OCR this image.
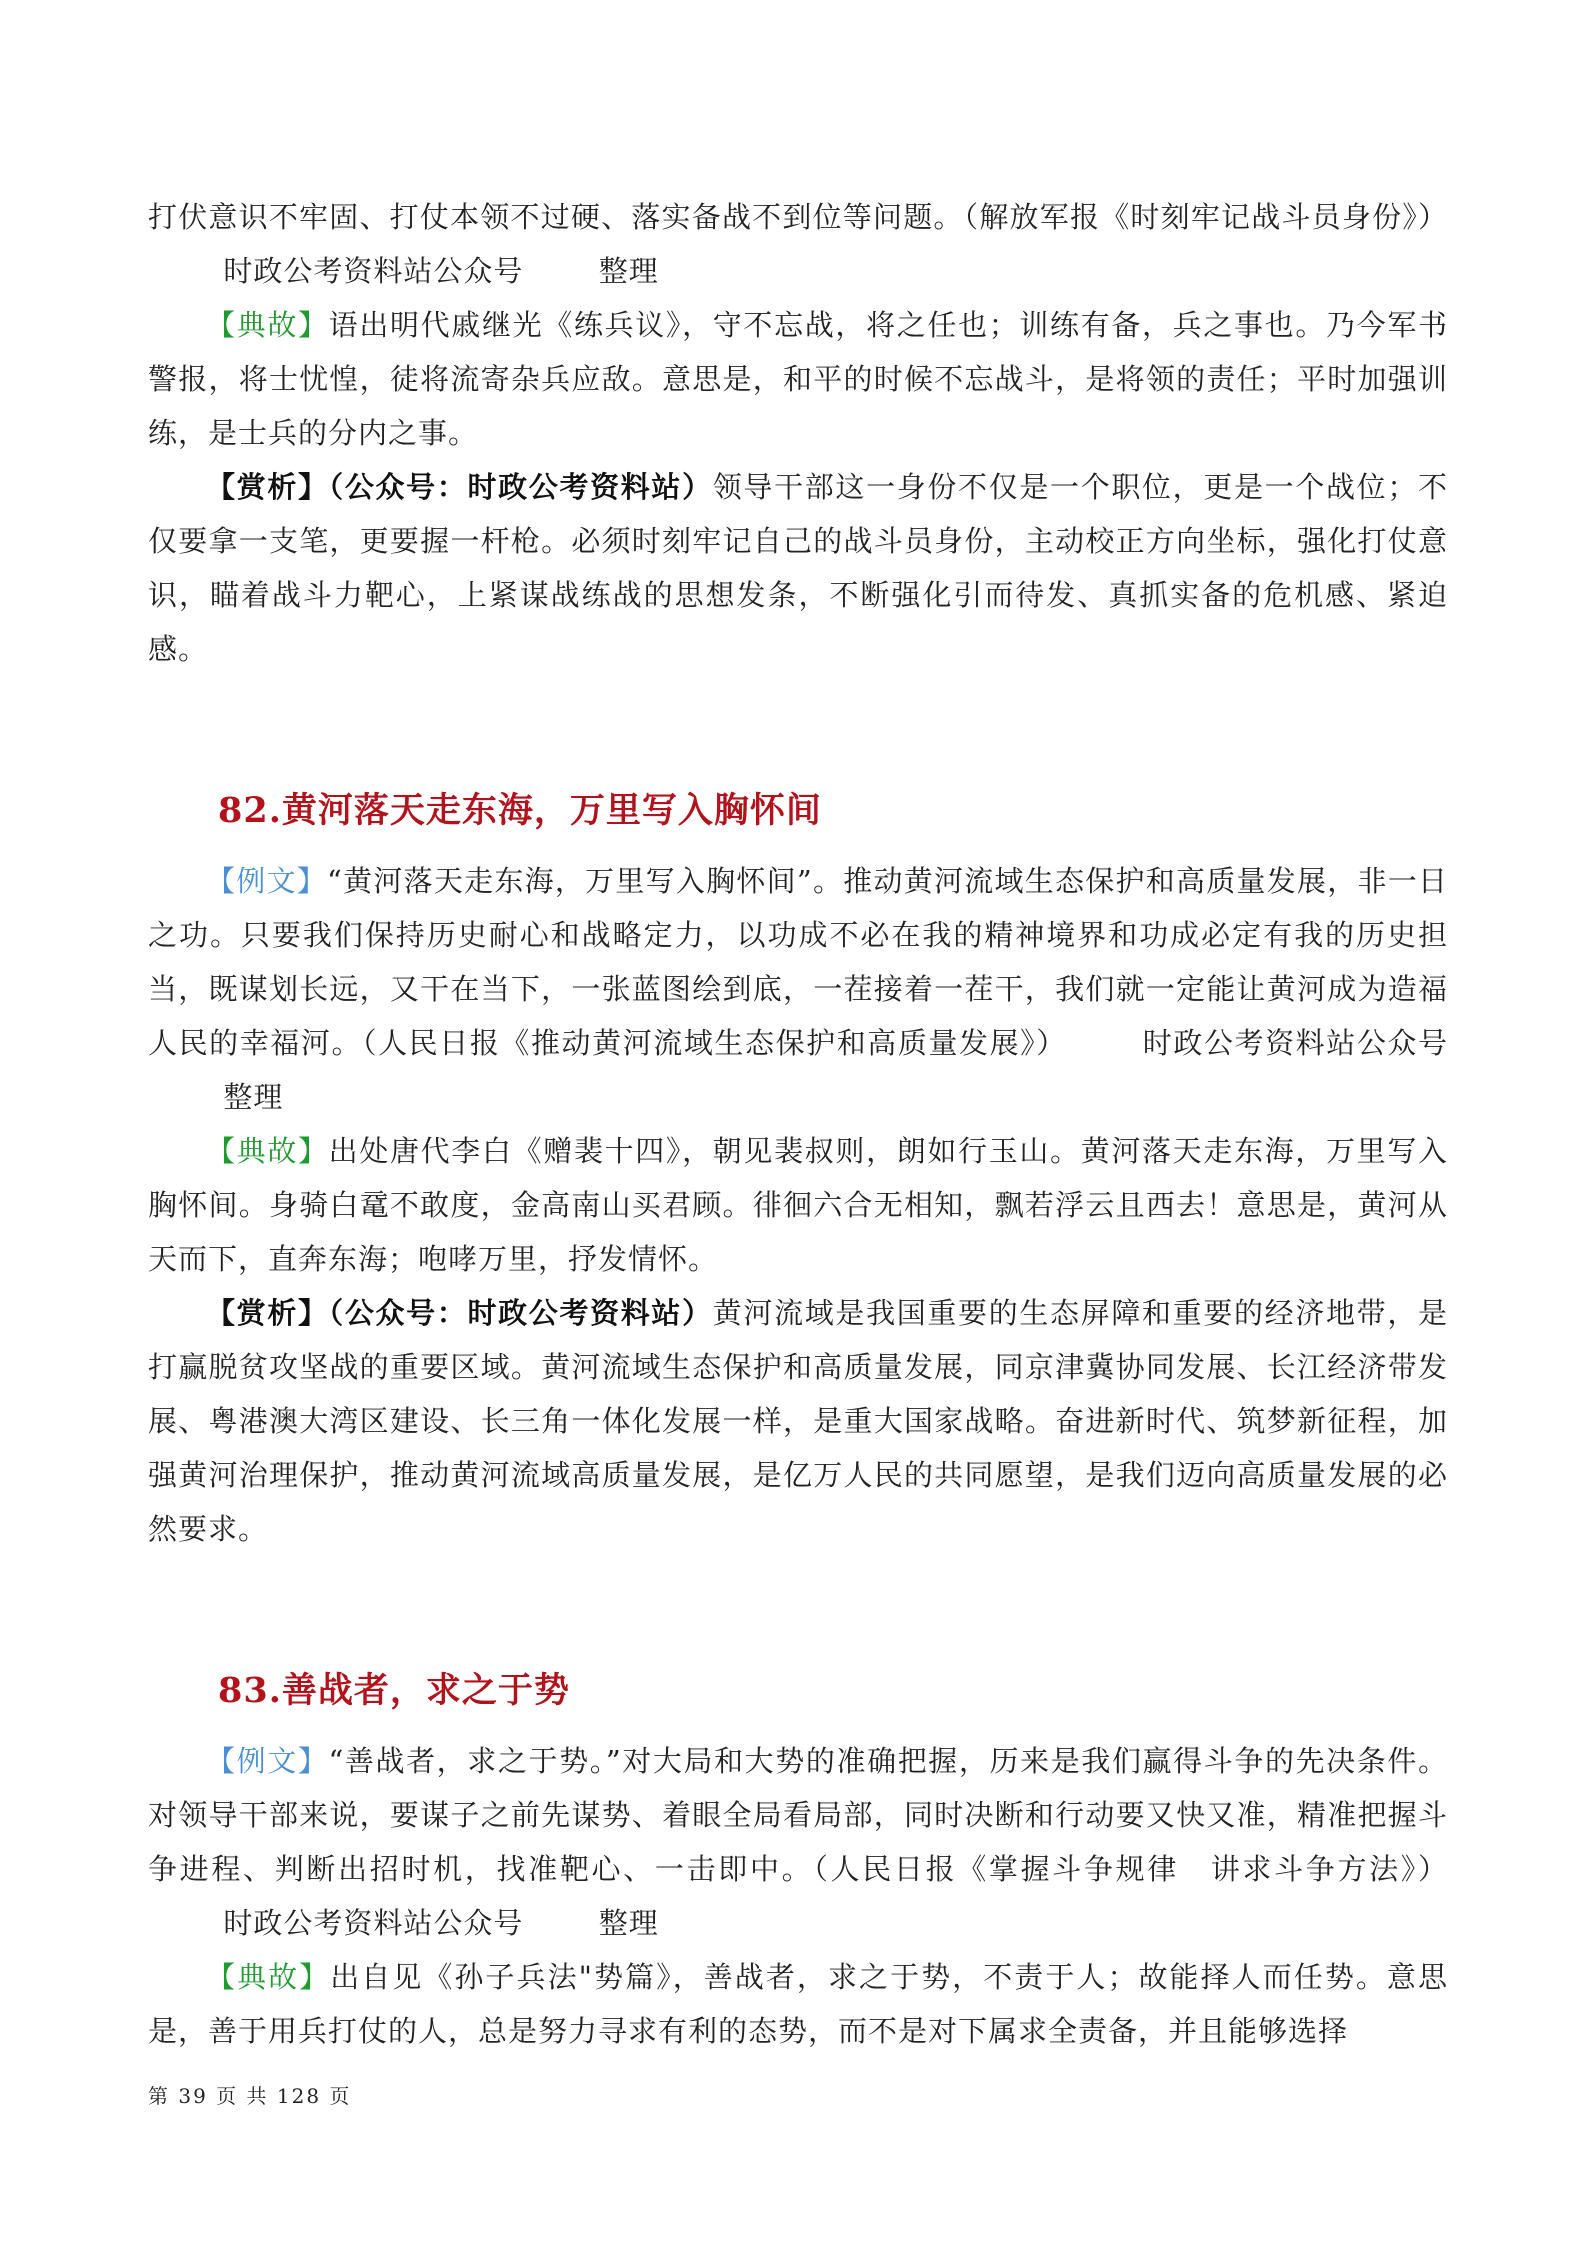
打伏意识不牢固、打仗本领不过硬、落实备战不到位等问题。（解放军报《时刻牢记战斗员身份》）时政公考资料站公众号	整理

【典故】语出明代戚继光《练兵议》，守不忘战，将之任也；训练有备，兵之事也。乃今军书警报，将士忧惶，徒将流寄杂兵应敌。意思是，和平的时候不忘战斗，是将领的责任；平时加强训练，是士兵的分内之事。

【赏析】（公众号：时政公考资料站）领导干部这一身份不仅是一个职位，更是一个战位；不仅要拿一支笔，更要握一杆枪。必须时刻牢记自己的战斗员身份，主动校正方向坐标，强化打仗意识，瞄着战斗力靶心，上紧谋战练战的思想发条，不断强化引而待发、真抓实备的危机感、紧迫感。

82.黄河落天走东海，万里写入胸怀间

【例文】“黄河落天走东海，万里写入胸怀间”。推动黄河流域生态保护和高质量发展，非一日之功。只要我们保持历史耐心和战略定力，以功成不必在我的精神境界和功成必定有我的历史担当，既谋划长远，又干在当下，一张蓝图绘到底，一茬接着一茬干，我们就一定能让黄河成为造福人民的幸福河。（人民日报《推动黄河流域生态保护和高质量发展》）	时政公考资料站公众号整理

【典故】出处唐代李白《赠裴十四》，朝见裴叔则，朗如行玉山。黄河落天走东海，万里写入胸怀间。身骑白鼋不敢度，金高南山买君顾。徘徊六合无相知，飘若浮云且西去！意思是，黄河从天而下，直奔东海；咆哮万里，抒发情怀。

【赏析】（公众号：时政公考资料站）黄河流域是我国重要的生态屏障和重要的经济地带，是打赢脱贫攻坚战的重要区域。黄河流域生态保护和高质量发展，同京津冀协同发展、长江经济带发展、粤港澳大湾区建设、长三角一体化发展一样，是重大国家战略。奋进新时代、筑梦新征程，加强黄河治理保护，推动黄河流域高质量发展，是亿万人民的共同愿望，是我们迈向高质量发展的必然要求。

83.善战者，求之于势

【例文】“善战者，求之于势。”对大局和大势的准确把握，历来是我们赢得斗争的先决条件。对领导干部来说，要谋子之前先谋势、着眼全局看局部，同时决断和行动要又快又准，精准把握斗争进程、判断出招时机，找准靶心、一击即中。（人民日报《掌握斗争规律　讲求斗争方法》）时政公考资料站公众号	整理

【典故】出自见《孙子兵法"势篇》，善战者，求之于势，不责于人；故能择人而任势。意思是，善于用兵打仗的人，总是努力寻求有利的态势，而不是对下属求全责备，并且能够选择

第 39 页 共 128 页
